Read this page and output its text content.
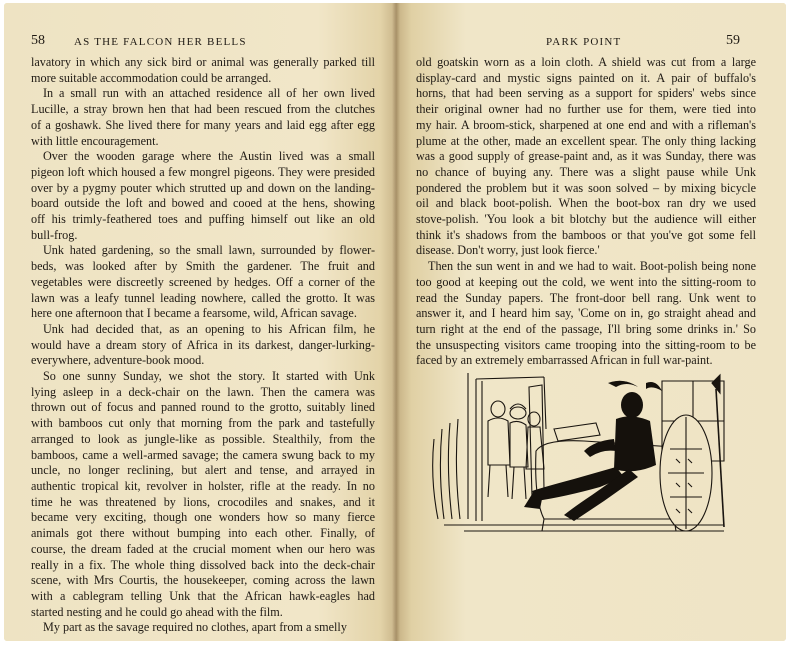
58	AS THE FALCON HER BELLS

lavatory in which any sick bird or animal was generally parked till
more suitable accommodation could be arranged.

In a small run with an attached residence all of her own lived
Lucille, a stray brown hen that had been rescued from the clutches
of a goshawk. She lived there for many years and laid egg after egg
with little encouragement.

Over the wooden garage where the Austin lived was a small
pigeon loft which housed a few mongrel pigeons. They were presided
over by a pygmy pouter which strutted up and down on the landing-
board outside the loft and bowed and cooed at the hens, showing
off his trimly-feathered toes and puffing himself out like an old
bull-frog.

Unk hated gardening, so the small lawn, surrounded by flower-
beds, was looked after by Smith the gardener. The fruit and
vegetables were discreetly screened by hedges. Off a corner of the
lawn was a leafy tunnel leading nowhere, called the grotto. It was
here one afternoon that I became a fearsome, wild, African savage.

Unk had decided that, as an opening to his African film, he
would have a dream story of Africa in its darkest, danger-lurking-
everywhere, adventure-book mood.

So one sunny Sunday, we shot the story. It started with Unk
lying asleep in a deck-chair on the lawn. Then the camera was
thrown out of focus and panned round to the grotto, suitably lined
with bamboos cut only that morning from the park and tastefully
arranged to look as jungle-like as possible. Stealthily, from the
bamboos, came a well-armed savage; the camera swung back to my
uncle, no longer reclining, but alert and tense, and arrayed in
authentic tropical kit, revolver in holster, rifle at the ready. In no
time he was threatened by lions, crocodiles and snakes, and it
became very exciting, though one wonders how so many fierce
animals got there without bumping into each other. Finally, of
course, the dream faded at the crucial moment when our hero was
really in a fix. The whole thing dissolved back into the deck-chair
scene, with Mrs Courtis, the housekeeper, coming across the lawn
with a cablegram telling Unk that the African hawk-eagles had
started nesting and he could go ahead with the film.

My part as the savage required no clothes, apart from a smelly

PARK POINT	59

old goatskin worn as a loin cloth. A shield was cut from a large
display-card and mystic signs painted on it. A pair of buffalo's
horns, that had been serving as a support for spiders' webs since
their original owner had no further use for them, were tied into
my hair. A broom-stick, sharpened at one end and with a rifleman's
plume at the other, made an excellent spear. The only thing lacking
was a good supply of grease-paint and, as it was Sunday, there was
no chance of buying any. There was a slight pause while Unk
pondered the problem but it was soon solved – by mixing bicycle
oil and black boot-polish. When the boot-box ran dry we used
stove-polish. 'You look a bit blotchy but the audience will either
think it's shadows from the bamboos or that you've got some fell
disease. Don't worry, just look fierce.'

Then the sun went in and we had to wait. Boot-polish being none
too good at keeping out the cold, we went into the sitting-room to
read the Sunday papers. The front-door bell rang. Unk went to
answer it, and I heard him say, 'Come on in, go straight ahead and
turn right at the end of the passage, I'll bring some drinks in.' So
the unsuspecting visitors came trooping into the sitting-room to be
faced by an extremely embarrassed African in full war-paint.
